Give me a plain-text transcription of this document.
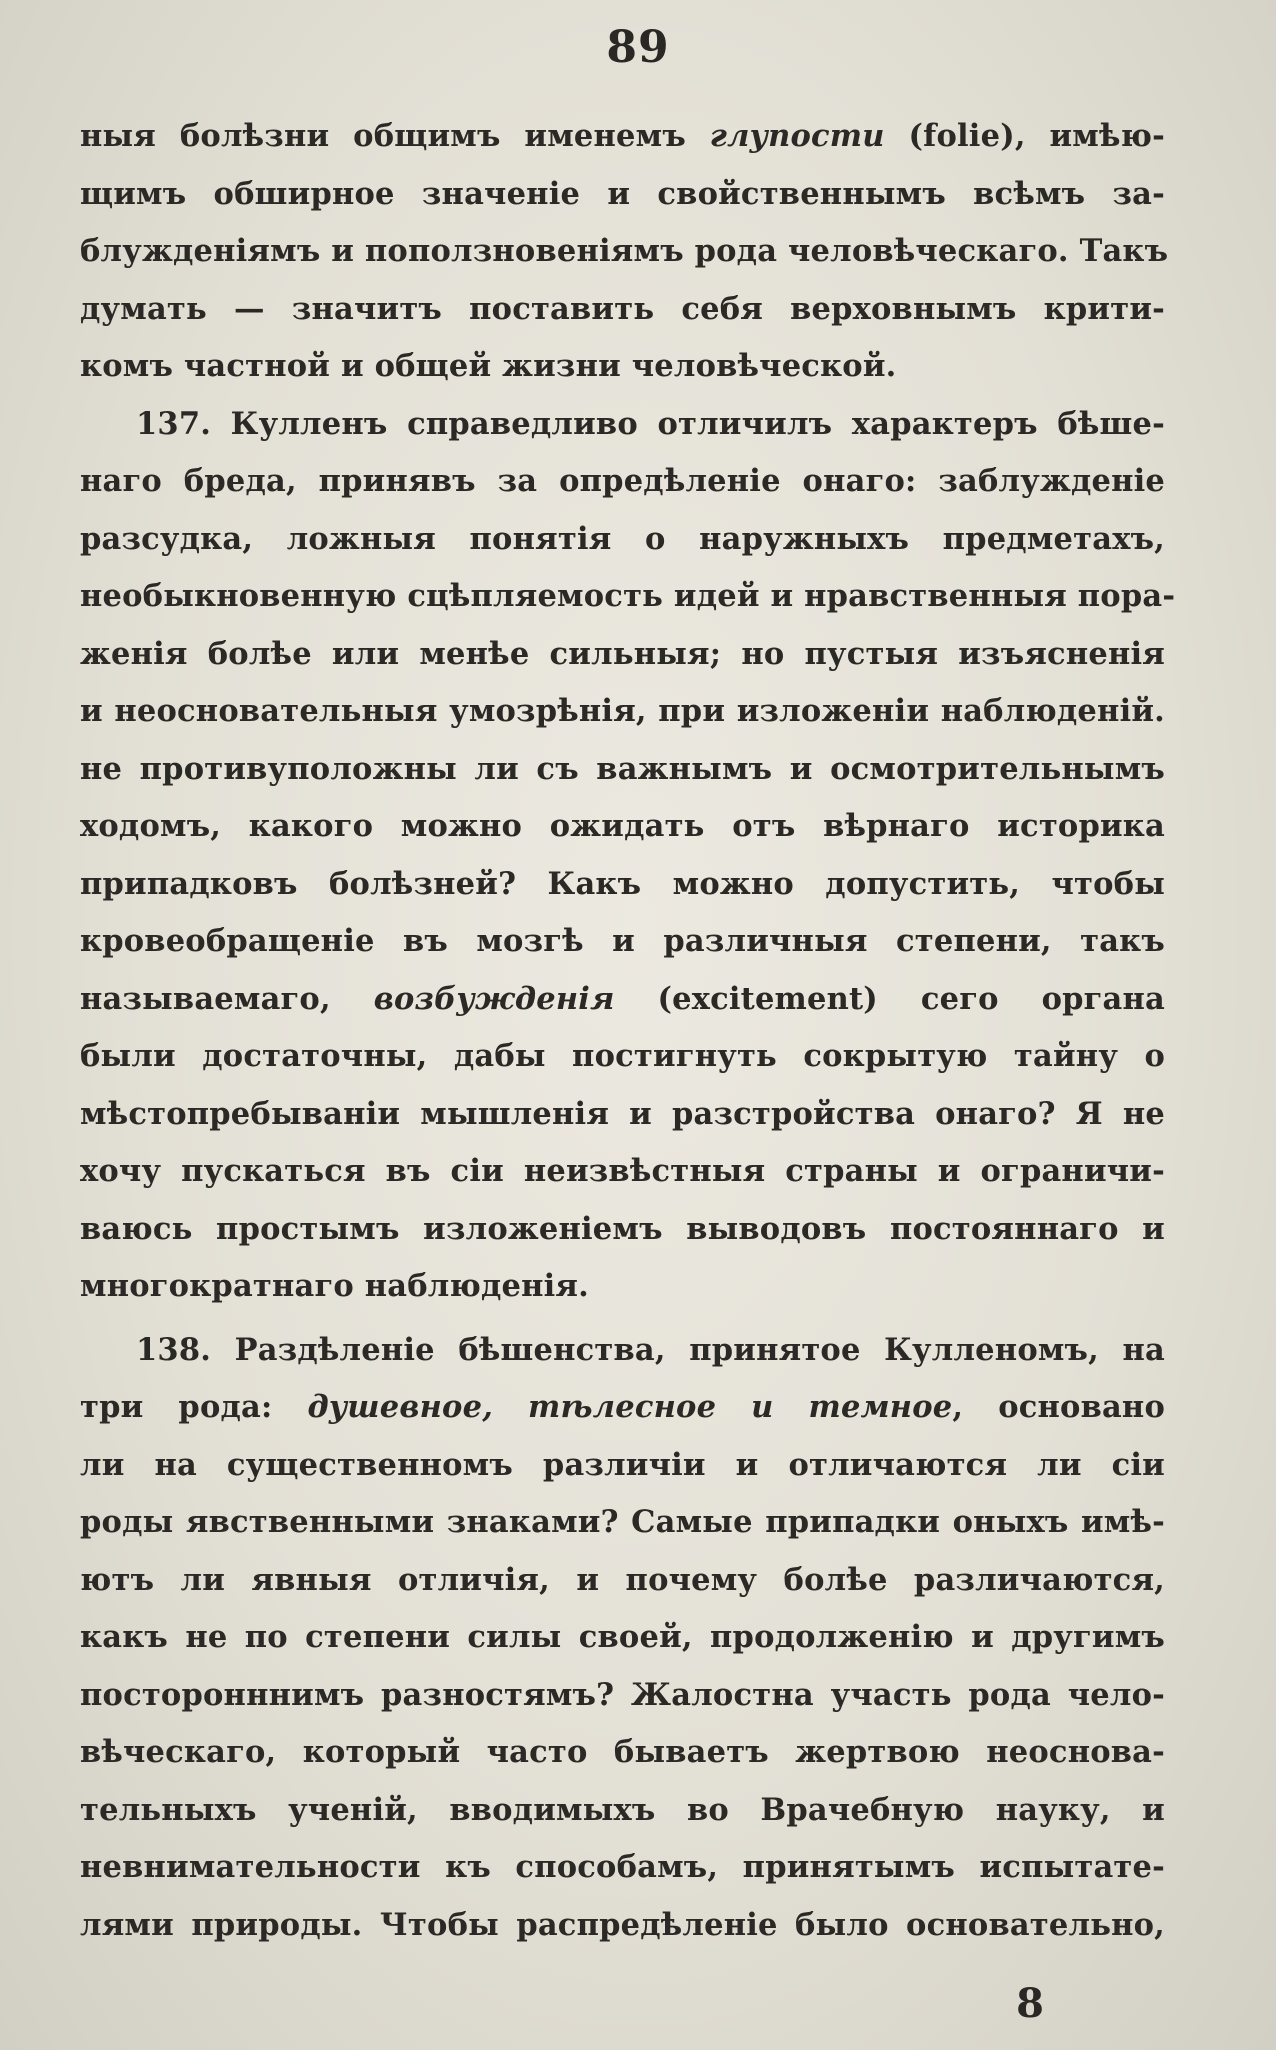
89
ныя болѣзни общимъ именемъ глупости (folie), имѣю-
щимъ обширное значеніе и свойственнымъ всѣмъ за-
блужденіямъ и поползновеніямъ рода человѣческаго. Такъ
думать — значитъ поставить себя верховнымъ крити-
комъ частной и общей жизни человѣческой.
137. Кулленъ справедливо отличилъ характеръ бѣше-
наго бреда, принявъ за опредѣленіе онаго: заблужденіе
разсудка, ложныя понятія о наружныхъ предметахъ,
необыкновенную сцѣпляемость идей и нравственныя пора-
женія болѣе или менѣе сильныя; но пустыя изъясненія
и неосновательныя умозрѣнія, при изложеніи наблюденій.
не противуположны ли съ важнымъ и осмотрительнымъ
ходомъ, какого можно ожидать отъ вѣрнаго историка
припадковъ болѣзней? Какъ можно допустить, чтобы
кровеобращеніе въ мозгѣ и различныя степени, такъ
называемаго, возбужденія (excitement) сего органа
были достаточны, дабы постигнуть сокрытую тайну о
мѣстопребываніи мышленія и разстройства онаго? Я не
хочу пускаться въ сіи неизвѣстныя страны и ограничи-
ваюсь простымъ изложеніемъ выводовъ постояннаго и
многократнаго наблюденія.
138. Раздѣленіе бѣшенства, принятое Кулленомъ, на
три рода: душевное, тѣлесное и темное, основано
ли на существенномъ различіи и отличаются ли сіи
роды явственными знаками? Самые припадки оныхъ имѣ-
ютъ ли явныя отличія, и почему болѣе различаются,
какъ не по степени силы своей, продолженію и другимъ
посторонннимъ разностямъ? Жалостна участь рода чело-
вѣческаго, который часто бываетъ жертвою неоснова-
тельныхъ ученій, вводимыхъ во Врачебную науку, и
невнимательности къ способамъ, принятымъ испытате-
лями природы. Чтобы распредѣленіе было основательно,
8
